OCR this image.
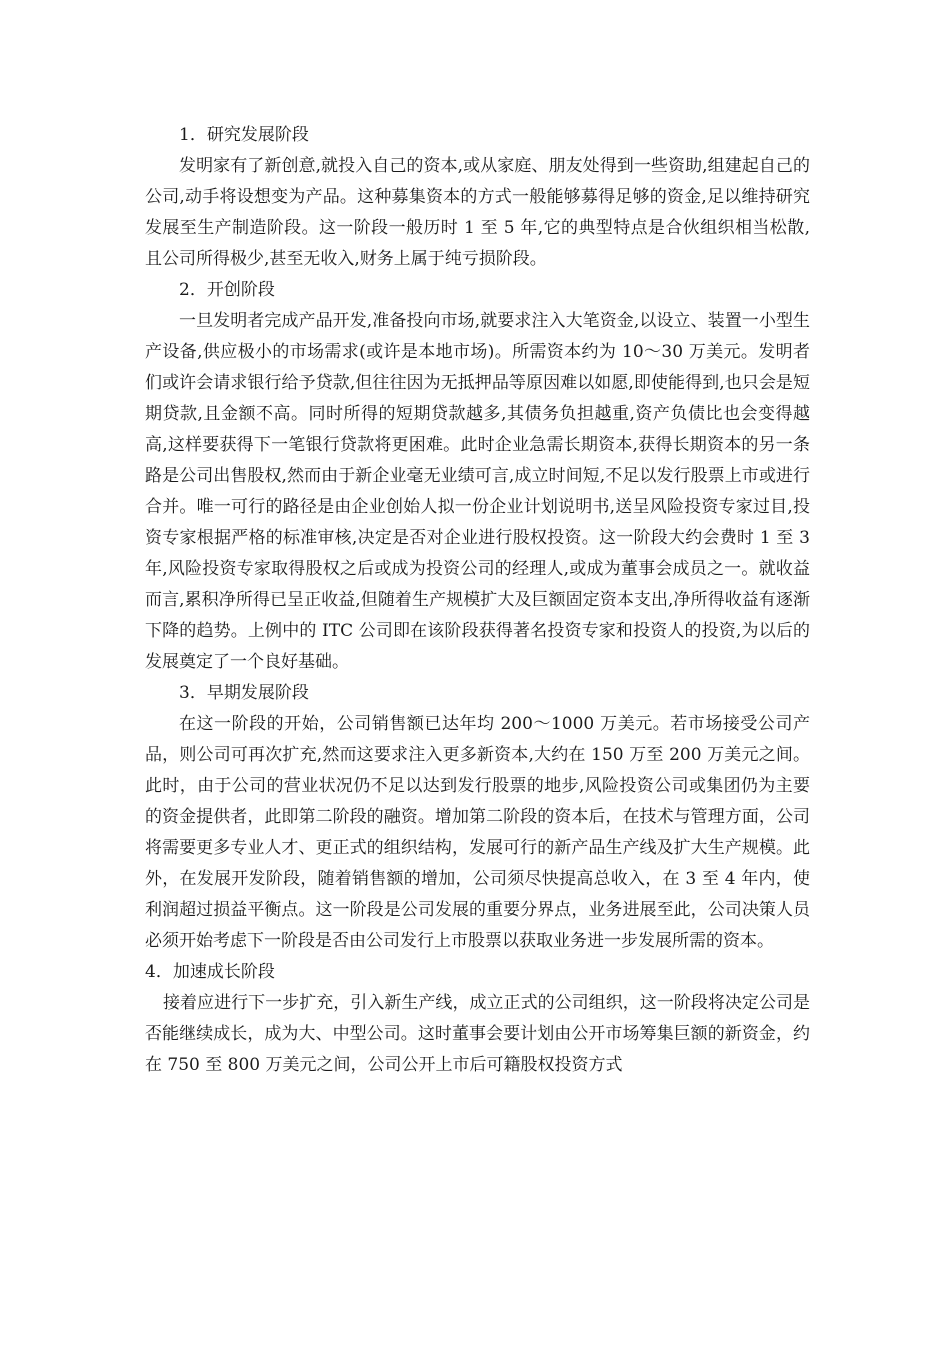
1．研究发展阶段

发明家有了新创意,就投入自己的资本,或从家庭、朋友处得到一些资助,组建起自己的公司,动手将设想变为产品。这种募集资本的方式一般能够募得足够的资金,足以维持研究发展至生产制造阶段。这一阶段一般历时 1 至 5 年,它的典型特点是合伙组织相当松散,且公司所得极少,甚至无收入,财务上属于纯亏损阶段。

2．开创阶段

一旦发明者完成产品开发,准备投向市场,就要求注入大笔资金,以设立、装置一小型生产设备,供应极小的市场需求(或许是本地市场)。所需资本约为 10～30 万美元。发明者们或许会请求银行给予贷款,但往往因为无抵押品等原因难以如愿,即使能得到,也只会是短期贷款,且金额不高。同时所得的短期贷款越多,其债务负担越重,资产负债比也会变得越高,这样要获得下一笔银行贷款将更困难。此时企业急需长期资本,获得长期资本的另一条路是公司出售股权,然而由于新企业毫无业绩可言,成立时间短,不足以发行股票上市或进行合并。唯一可行的路径是由企业创始人拟一份企业计划说明书,送呈风险投资专家过目,投资专家根据严格的标准审核,决定是否对企业进行股权投资。这一阶段大约会费时 1 至 3 年,风险投资专家取得股权之后或成为投资公司的经理人,或成为董事会成员之一。就收益而言,累积净所得已呈正收益,但随着生产规模扩大及巨额固定资本支出,净所得收益有逐渐下降的趋势。上例中的 ITC 公司即在该阶段获得著名投资专家和投资人的投资,为以后的发展奠定了一个良好基础。

3．早期发展阶段

在这一阶段的开始，公司销售额已达年均 200～1000 万美元。若市场接受公司产品，则公司可再次扩充,然而这要求注入更多新资本,大约在 150 万至 200 万美元之间。此时，由于公司的营业状况仍不足以达到发行股票的地步,风险投资公司或集团仍为主要的资金提供者，此即第二阶段的融资。增加第二阶段的资本后，在技术与管理方面，公司将需要更多专业人才、更正式的组织结构，发展可行的新产品生产线及扩大生产规模。此外，在发展开发阶段，随着销售额的增加，公司须尽快提高总收入，在 3 至 4 年内，使利润超过损益平衡点。这一阶段是公司发展的重要分界点，业务进展至此，公司决策人员必须开始考虑下一阶段是否由公司发行上市股票以获取业务进一步发展所需的资本。

4．加速成长阶段

接着应进行下一步扩充，引入新生产线，成立正式的公司组织，这一阶段将决定公司是否能继续成长，成为大、中型公司。这时董事会要计划由公开市场筹集巨额的新资金，约在 750 至 800 万美元之间，公司公开上市后可籍股权投资方式
